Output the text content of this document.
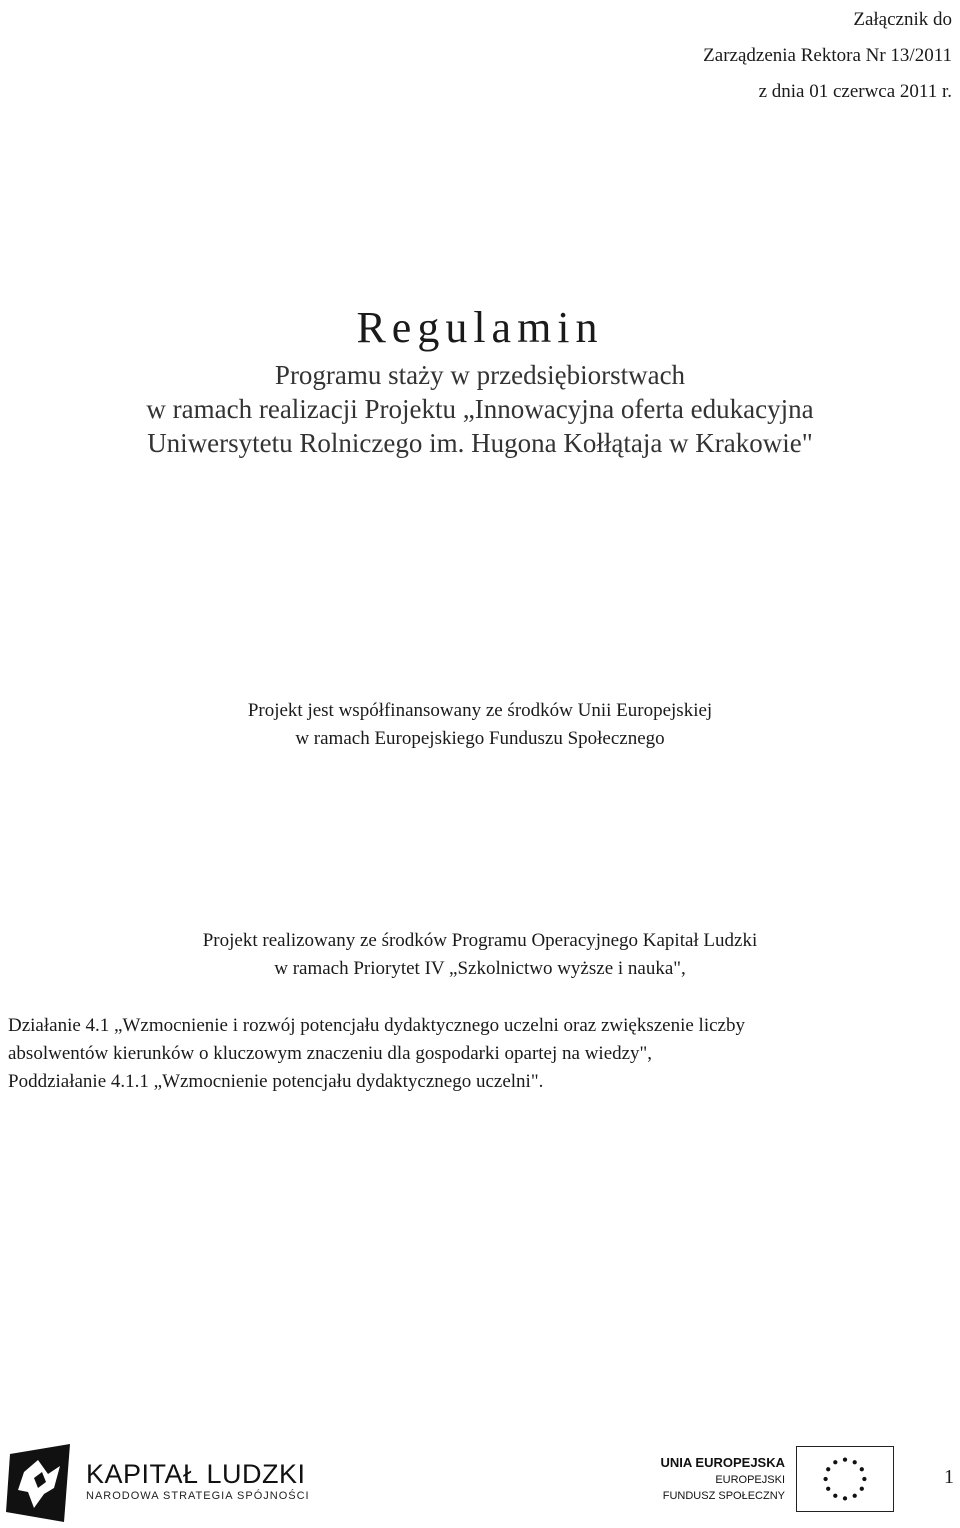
Załącznik do
Zarządzenia Rektora Nr 13/2011
z dnia 01 czerwca 2011 r.
Regulamin
Programu staży w przedsiębiorstwach
w ramach realizacji Projektu „Innowacyjna oferta edukacyjna
Uniwersytetu Rolniczego im. Hugona Kołłątaja w Krakowie"
Projekt jest współfinansowany ze środków Unii Europejskiej
w ramach Europejskiego Funduszu Społecznego
Projekt realizowany ze środków Programu Operacyjnego Kapitał Ludzki
w ramach Priorytet IV „Szkolnictwo wyższe i nauka",
Działanie 4.1 „Wzmocnienie i rozwój potencjału dydaktycznego uczelni oraz zwiększenie liczby
absolwentów kierunków o kluczowym znaczeniu dla gospodarki opartej na wiedzy",
Poddziałanie 4.1.1 „Wzmocnienie potencjału dydaktycznego uczelni".
KAPITAŁ LUDZKI
NARODOWA STRATEGIA SPÓJNOŚCI
UNIA EUROPEJSKA
EUROPEJSKI
FUNDUSZ SPOŁECZNY
1
